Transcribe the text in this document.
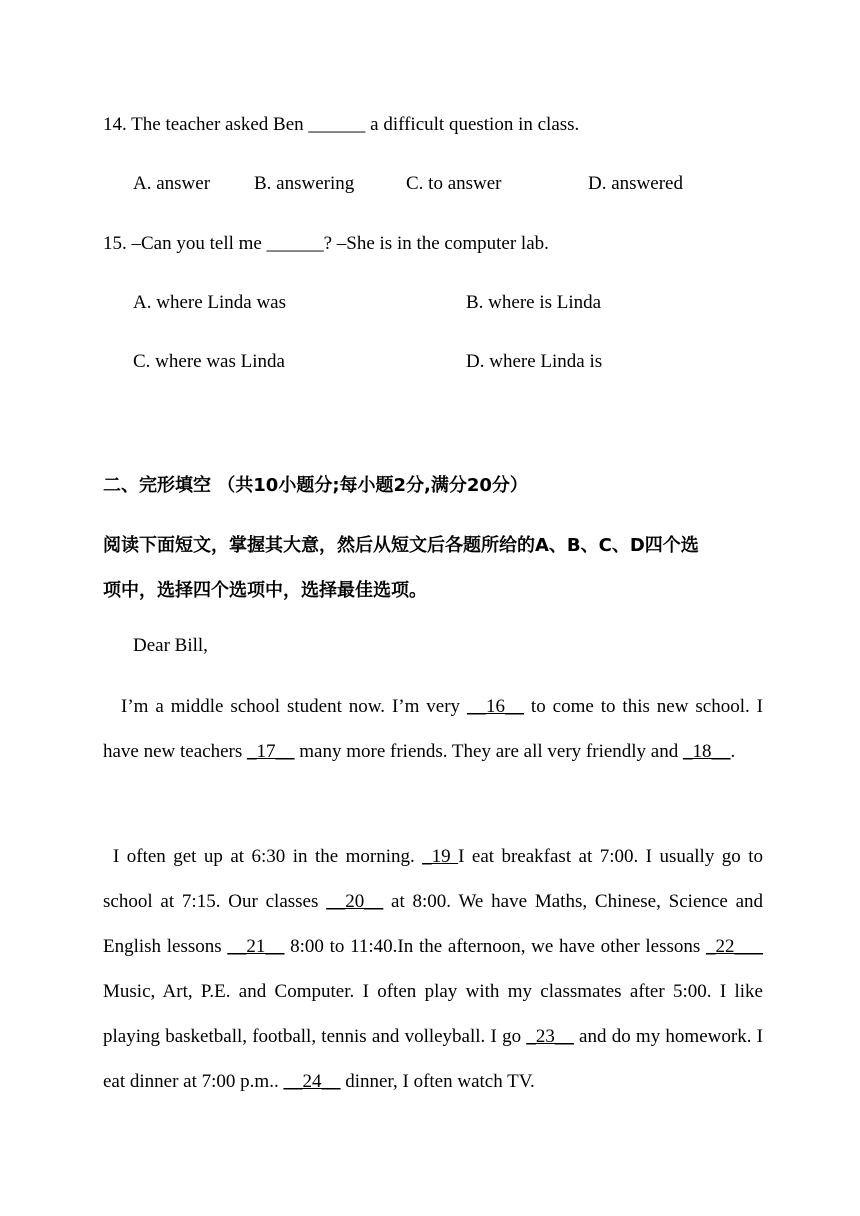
14. The teacher asked Ben ______ a difficult question in class.
A. answer B. answering	C. to answer	D. answered
15. –Can you tell me ______? –She is in the computer lab.
A. where Linda was	B. where is Linda
C. where was Linda	D. where Linda is
二、完形填空 （共10小题分;每小题2分,满分20分）
阅读下面短文，掌握其大意，然后从短文后各题所给的A、B、C、D四个选
项中，选择四个选项中，选择最佳选项。
Dear Bill,
I’m a middle school student now. I’m very __16__ to come to this new school. I have new teachers _17__ many more friends. They are all very friendly and _18__.
I often get up at 6:30 in the morning. _19 I eat breakfast at 7:00. I usually go to school at 7:15. Our classes __20__ at 8:00. We have Maths, Chinese, Science and English lessons __21__ 8:00 to 11:40.In the afternoon, we have other lessons _22___ Music, Art, P.E. and Computer. I often play with my classmates after 5:00. I like playing basketball, football, tennis and volleyball. I go _23__ and do my homework. I eat dinner at 7:00 p.m.. __24__ dinner, I often watch TV.
